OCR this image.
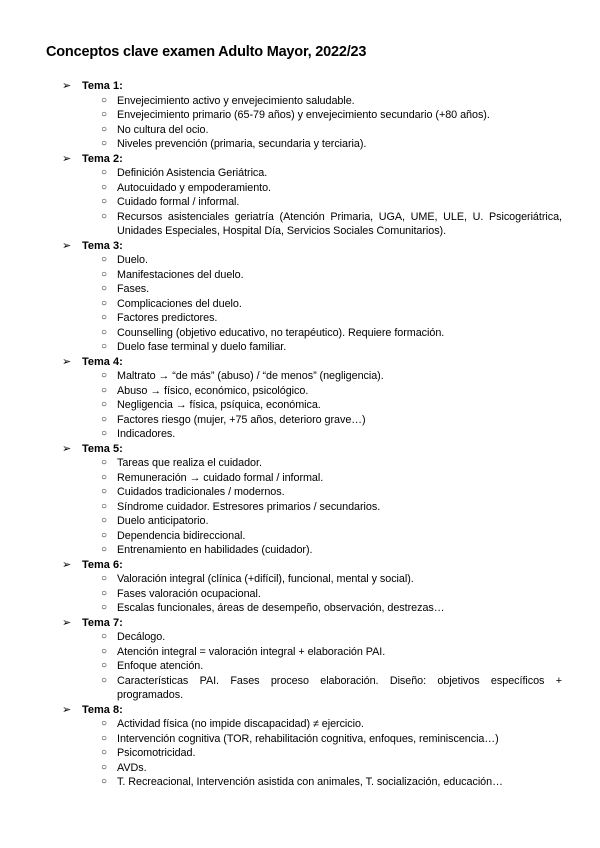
Conceptos clave examen Adulto Mayor, 2022/23
➢ Tema 1:
○ Envejecimiento activo y envejecimiento saludable.
○ Envejecimiento primario (65-79 años) y envejecimiento secundario (+80 años).
○ No cultura del ocio.
○ Niveles prevención (primaria, secundaria y terciaria).
➢ Tema 2:
○ Definición Asistencia Geriátrica.
○ Autocuidado y empoderamiento.
○ Cuidado formal / informal.
○ Recursos asistenciales geriatría (Atención Primaria, UGA, UME, ULE, U. Psicogeriátrica, Unidades Especiales, Hospital Día, Servicios Sociales Comunitarios).
➢ Tema 3:
○ Duelo.
○ Manifestaciones del duelo.
○ Fases.
○ Complicaciones del duelo.
○ Factores predictores.
○ Counselling (objetivo educativo, no terapéutico). Requiere formación.
○ Duelo fase terminal y duelo familiar.
➢ Tema 4:
○ Maltrato → “de más” (abuso) / “de menos” (negligencia).
○ Abuso → físico, económico, psicológico.
○ Negligencia → física, psíquica, económica.
○ Factores riesgo (mujer, +75 años, deterioro grave…)
○ Indicadores.
➢ Tema 5:
○ Tareas que realiza el cuidador.
○ Remuneración → cuidado formal / informal.
○ Cuidados tradicionales / modernos.
○ Síndrome cuidador. Estresores primarios / secundarios.
○ Duelo anticipatorio.
○ Dependencia bidireccional.
○ Entrenamiento en habilidades (cuidador).
➢ Tema 6:
○ Valoración integral (clínica (+difícil), funcional, mental y social).
○ Fases valoración ocupacional.
○ Escalas funcionales, áreas de desempeño, observación, destrezas…
➢ Tema 7:
○ Decálogo.
○ Atención integral = valoración integral + elaboración PAI.
○ Enfoque atención.
○ Características PAI. Fases proceso elaboración. Diseño: objetivos específicos + programados.
➢ Tema 8:
○ Actividad física (no impide discapacidad) ≠ ejercicio.
○ Intervención cognitiva (TOR, rehabilitación cognitiva, enfoques, reminiscencia…)
○ Psicomotricidad.
○ AVDs.
○ T. Recreacional, Intervención asistida con animales, T. socialización, educación…
